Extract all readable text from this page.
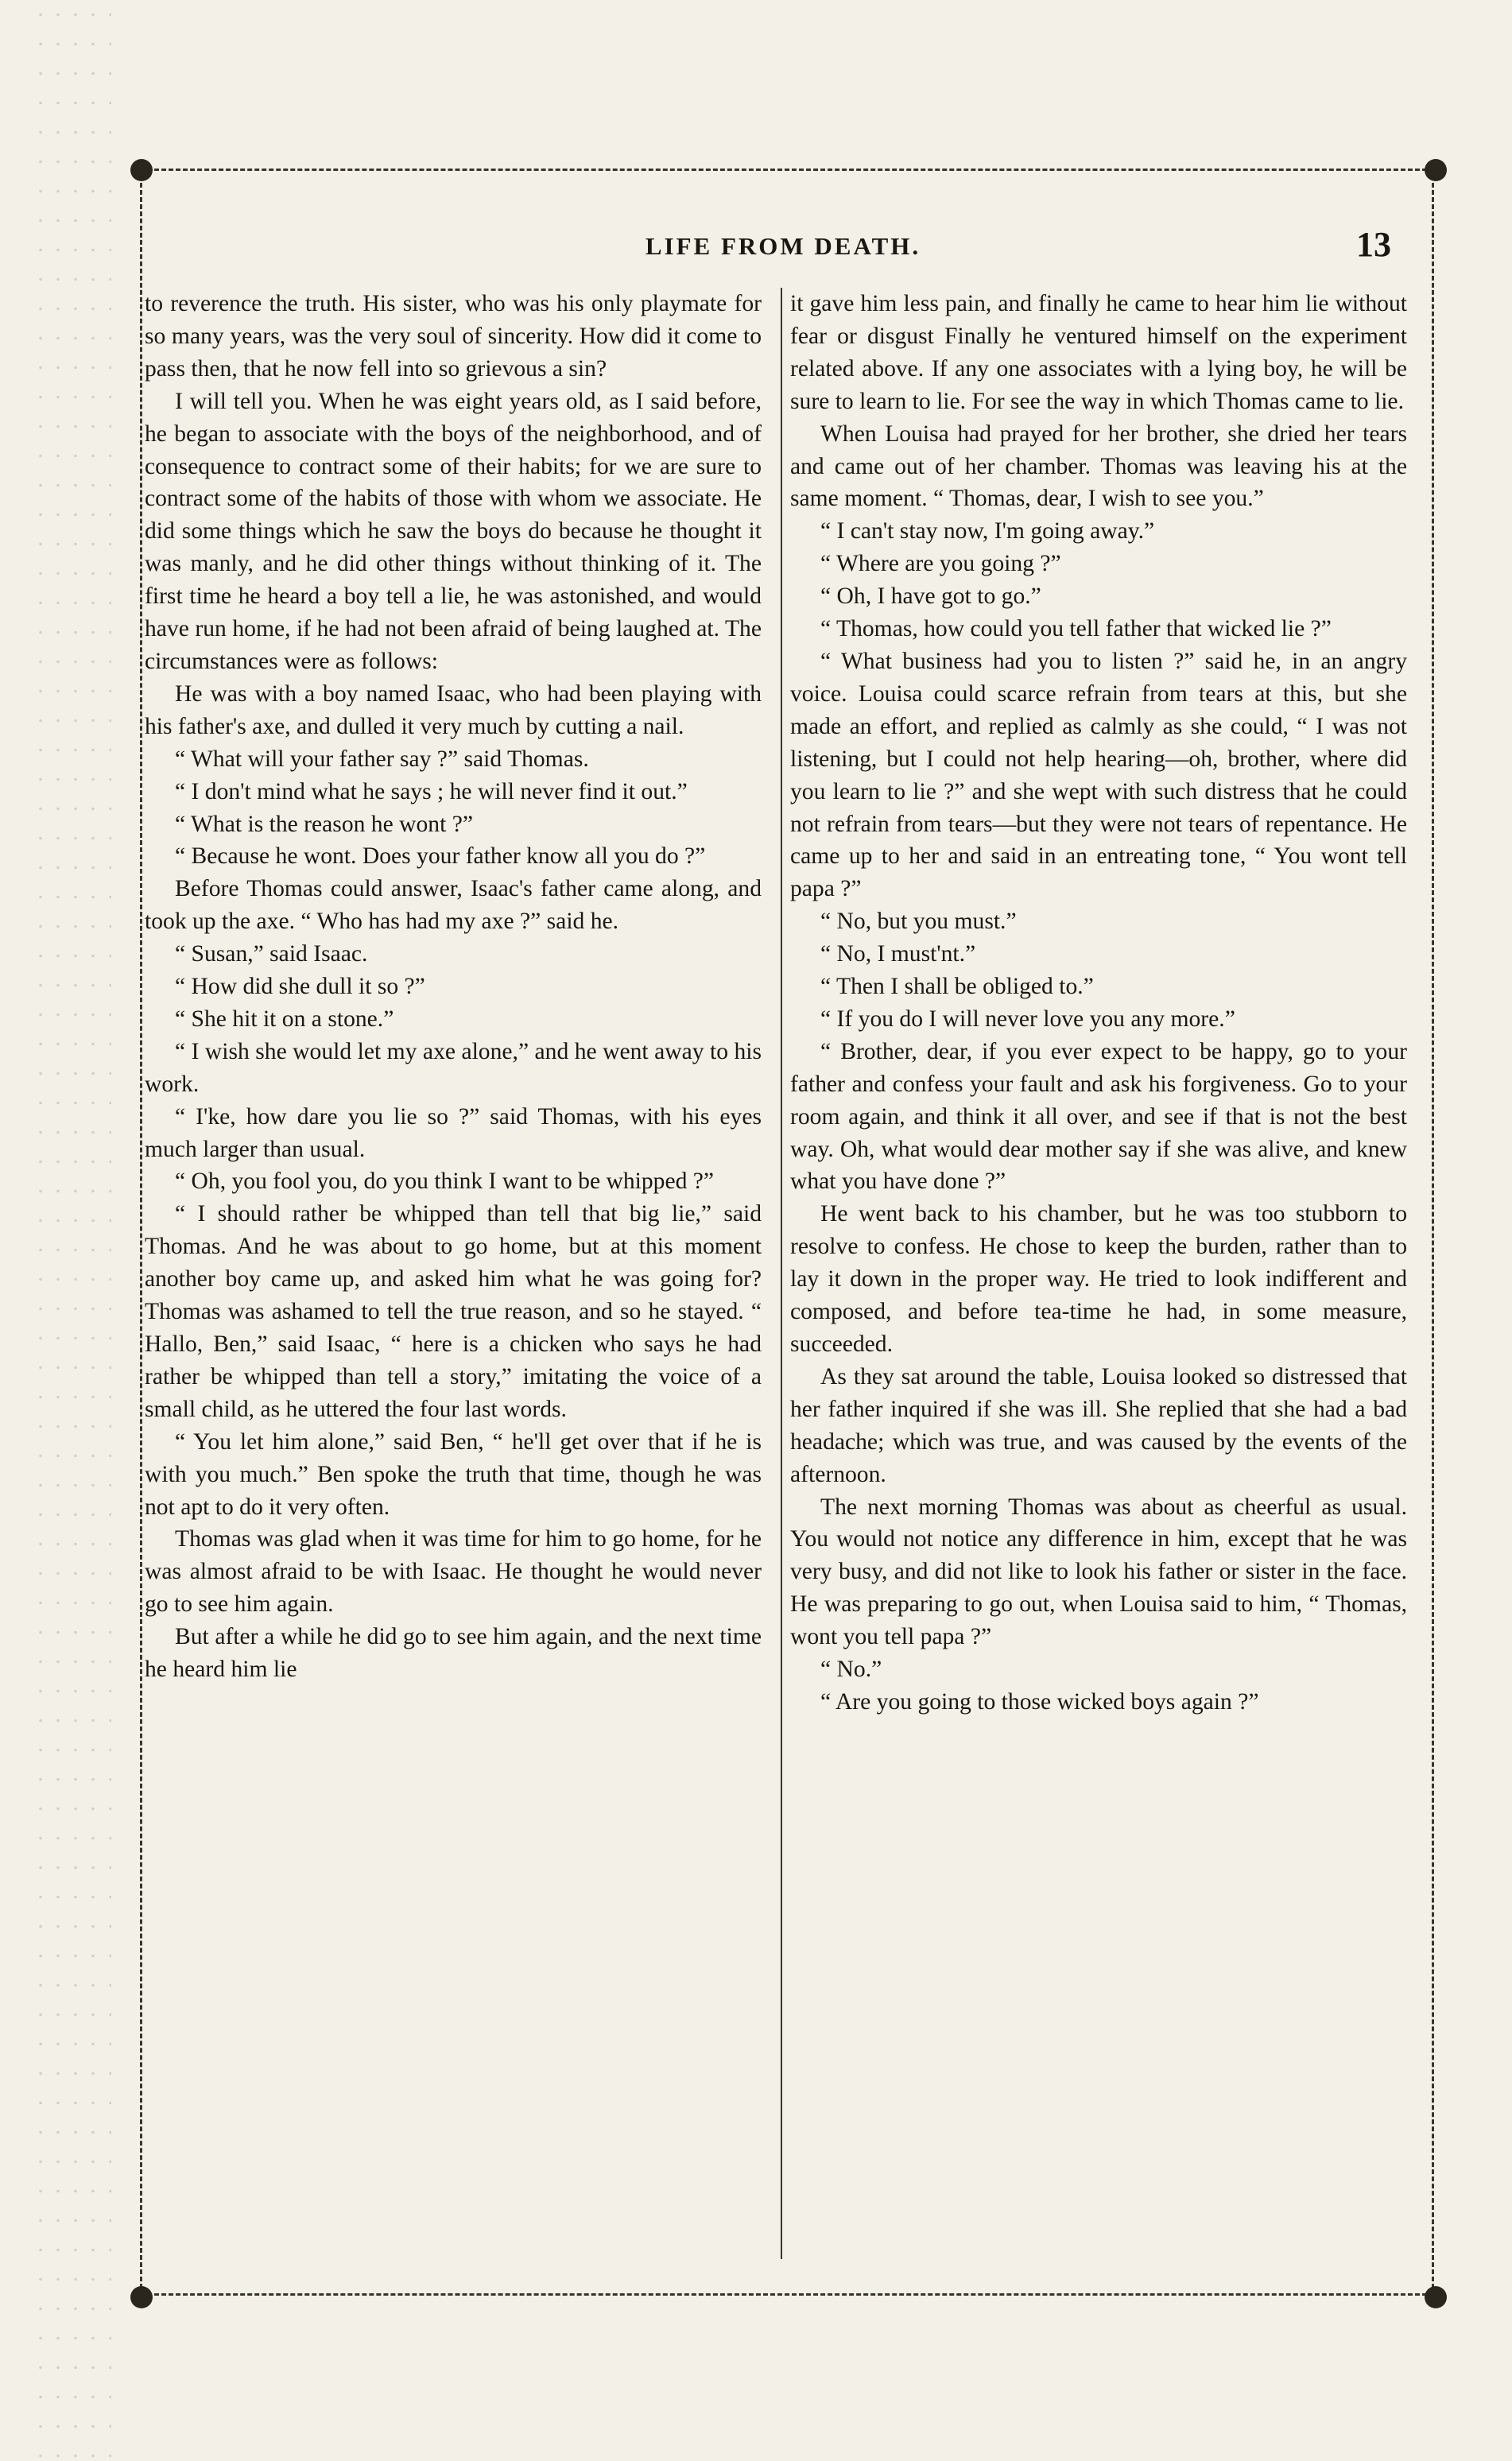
LIFE FROM DEATH.	13

to reverence the truth. His sister, who was his only playmate for so many years, was the very soul of sincerity. How did it come to pass then, that he now fell into so grievous a sin?

I will tell you. When he was eight years old, as I said before, he began to associate with the boys of the neighborhood, and of consequence to contract some of their habits; for we are sure to contract some of the habits of those with whom we associate. He did some things which he saw the boys do because he thought it was manly, and he did other things without thinking of it. The first time he heard a boy tell a lie, he was astonished, and would have run home, if he had not been afraid of being laughed at. The circumstances were as follows:

He was with a boy named Isaac, who had been playing with his father's axe, and dulled it very much by cutting a nail.

“ What will your father say ?” said Thomas.

“ I don't mind what he says ; he will never find it out.”

“ What is the reason he wont ?”

“ Because he wont. Does your father know all you do ?”

Before Thomas could answer, Isaac's father came along, and took up the axe. “ Who has had my axe ?” said he.

“ Susan,” said Isaac.

“ How did she dull it so ?”

“ She hit it on a stone.”

“ I wish she would let my axe alone,” and he went away to his work.

“ I'ke, how dare you lie so ?” said Thomas, with his eyes much larger than usual.

“ Oh, you fool you, do you think I want to be whipped ?”

“ I should rather be whipped than tell that big lie,” said Thomas. And he was about to go home, but at this moment another boy came up, and asked him what he was going for? Thomas was ashamed to tell the true reason, and so he stayed. “ Hallo, Ben,” said Isaac, “ here is a chicken who says he had rather be whipped than tell a story,” imitating the voice of a small child, as he uttered the four last words.

“ You let him alone,” said Ben, “ he'll get over that if he is with you much.” Ben spoke the truth that time, though he was not apt to do it very often.

Thomas was glad when it was time for him to go home, for he was almost afraid to be with Isaac. He thought he would never go to see him again.

But after a while he did go to see him again, and the next time he heard him lie

it gave him less pain, and finally he came to hear him lie without fear or disgust Finally he ventured himself on the experiment related above. If any one associates with a lying boy, he will be sure to learn to lie. For see the way in which Thomas came to lie.

When Louisa had prayed for her brother, she dried her tears and came out of her chamber. Thomas was leaving his at the same moment. “ Thomas, dear, I wish to see you.”

“ I can't stay now, I'm going away.”

“ Where are you going ?”

“ Oh, I have got to go.”

“ Thomas, how could you tell father that wicked lie ?”

“ What business had you to listen ?” said he, in an angry voice. Louisa could scarce refrain from tears at this, but she made an effort, and replied as calmly as she could, “ I was not listening, but I could not help hearing—oh, brother, where did you learn to lie ?” and she wept with such distress that he could not refrain from tears—but they were not tears of repentance. He came up to her and said in an entreating tone, “ You wont tell papa ?”

“ No, but you must.”

“ No, I must'nt.”

“ Then I shall be obliged to.”

“ If you do I will never love you any more.”

“ Brother, dear, if you ever expect to be happy, go to your father and confess your fault and ask his forgiveness. Go to your room again, and think it all over, and see if that is not the best way. Oh, what would dear mother say if she was alive, and knew what you have done ?”

He went back to his chamber, but he was too stubborn to resolve to confess. He chose to keep the burden, rather than to lay it down in the proper way. He tried to look indifferent and composed, and before tea-time he had, in some measure, succeeded.

As they sat around the table, Louisa looked so distressed that her father inquired if she was ill. She replied that she had a bad headache; which was true, and was caused by the events of the afternoon.

The next morning Thomas was about as cheerful as usual. You would not notice any difference in him, except that he was very busy, and did not like to look his father or sister in the face. He was preparing to go out, when Louisa said to him, “ Thomas, wont you tell papa ?”

“ No.”

“ Are you going to those wicked boys again ?”
